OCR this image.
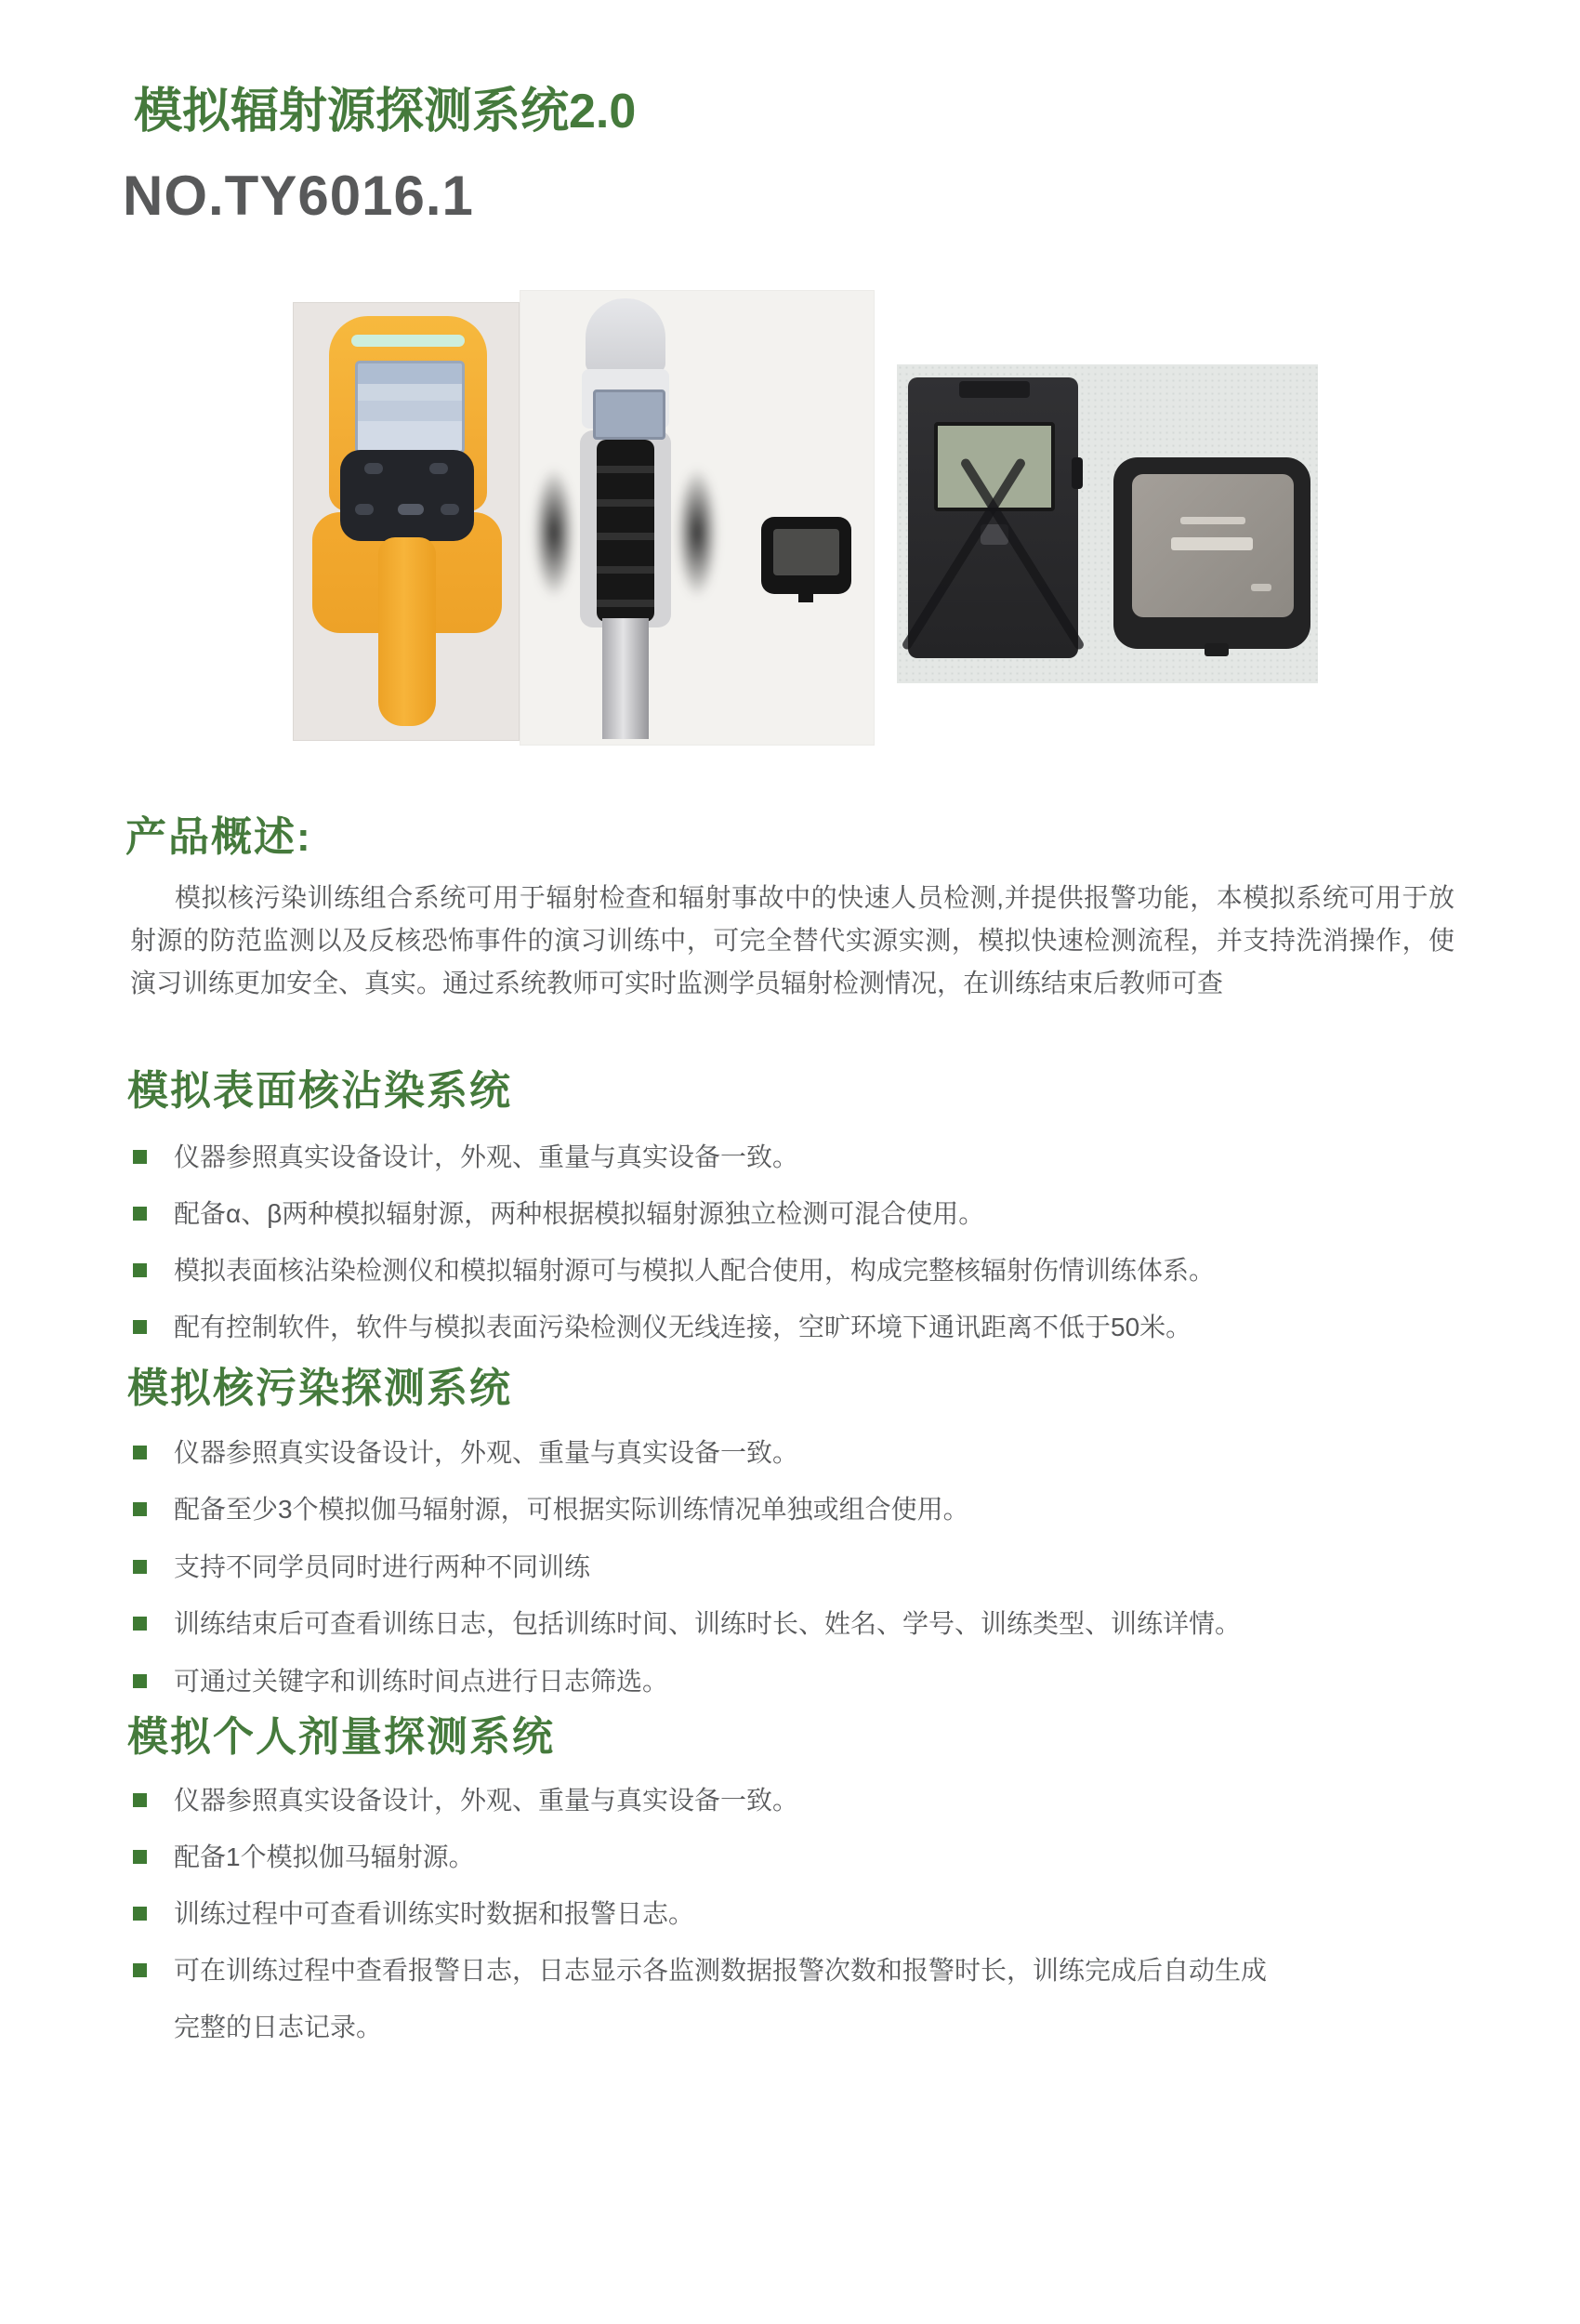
模拟辐射源探测系统2.0
NO.TY6016.1
产品概述:
模拟核污染训练组合系统可用于辐射检查和辐射事故中的快速人员检测,并提供报警功能，本模拟系统可用于放射源的防范监测以及反核恐怖事件的演习训练中，可完全替代实源实测，模拟快速检测流程，并支持洗消操作，使演习训练更加安全、真实。通过系统教师可实时监测学员辐射检测情况，在训练结束后教师可查
模拟表面核沾染系统
仪器参照真实设备设计，外观、重量与真实设备一致。
配备α、β两种模拟辐射源，两种根据模拟辐射源独立检测可混合使用。
模拟表面核沾染检测仪和模拟辐射源可与模拟人配合使用，构成完整核辐射伤情训练体系。
配有控制软件，软件与模拟表面污染检测仪无线连接，空旷环境下通讯距离不低于50米。
模拟核污染探测系统
仪器参照真实设备设计，外观、重量与真实设备一致。
配备至少3个模拟伽马辐射源，可根据实际训练情况单独或组合使用。
支持不同学员同时进行两种不同训练
训练结束后可查看训练日志，包括训练时间、训练时长、姓名、学号、训练类型、训练详情。
可通过关键字和训练时间点进行日志筛选。
模拟个人剂量探测系统
仪器参照真实设备设计，外观、重量与真实设备一致。
配备1个模拟伽马辐射源。
训练过程中可查看训练实时数据和报警日志。
可在训练过程中查看报警日志，日志显示各监测数据报警次数和报警时长，训练完成后自动生成完整的日志记录。
